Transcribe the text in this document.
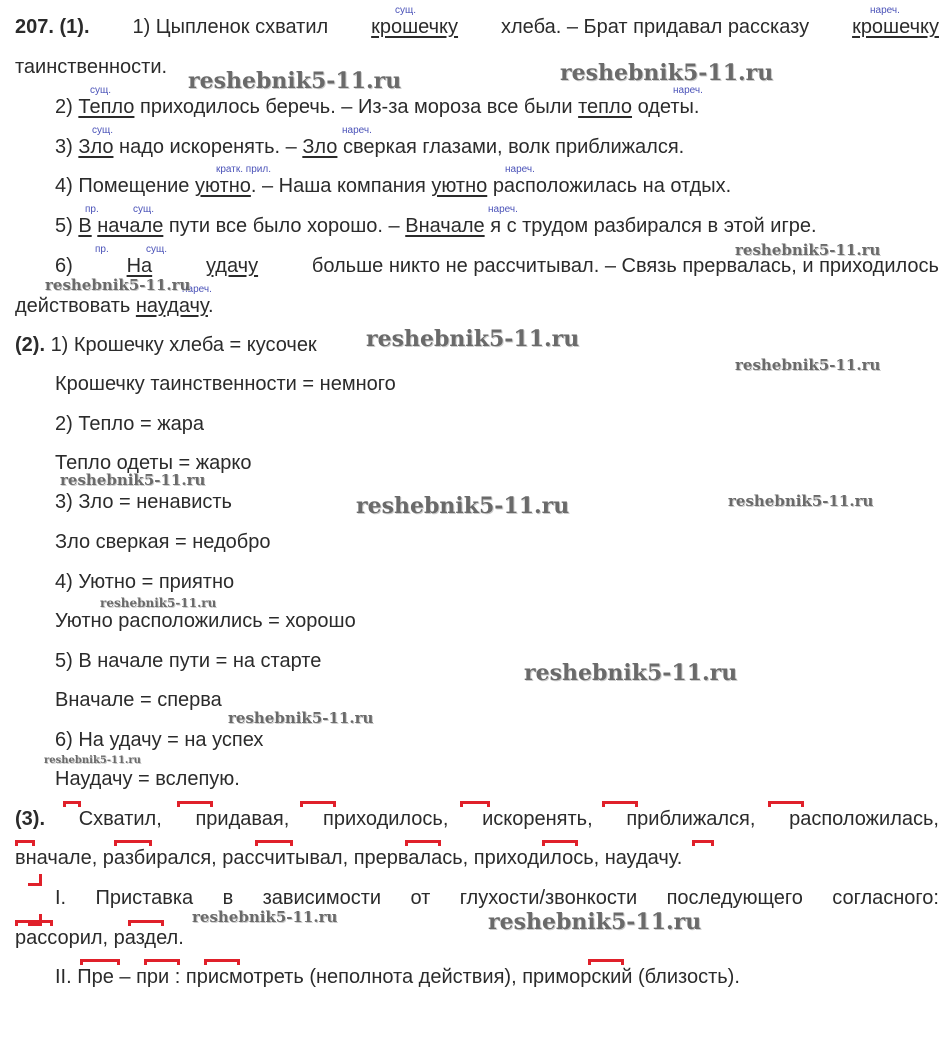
207. (1). 1) Цыпленок схватил крошечку хлеба. – Брат придавал рассказу крошечку
сущ.	нареч.
таинственности.
2) Тепло приходилось беречь. – Из-за мороза все были тепло одеты.
сущ.	нареч.
3) Зло надо искоренять. – Зло сверкая глазами, волк приближался.
сущ.	нареч.
4) Помещение уютно. – Наша компания уютно расположилась на отдых.
кратк. прил.	нареч.
5) В начале пути все было хорошо. – Вначале я с трудом разбирался в этой игре.
пр.	сущ.	нареч.
6)	На	удачу	больше никто не рассчитывал. – Связь прервалась, и приходилось
пр.	сущ.
действовать наудачу.
нареч.
(2). 1) Крошечку хлеба = кусочек
Крошечку таинственности = немного
2) Тепло = жара
Тепло одеты = жарко
3) Зло = ненависть
Зло сверкая = недобро
4) Уютно = приятно
Уютно расположились = хорошо
5) В начале пути = на старте
Вначале = сперва
6) На удачу = на успех
Наудачу = вслепую.
(3). Схватил, придавая, приходилось, искоренять, приближался, расположилась,
вначале, разбирался, рассчитывал, прервалась, приходилось, наудачу.
I. Приставка в зависимости от глухости/звонкости последующего согласного:
рассорил, раздел.
II. Пре – при : присмотреть (неполнота действия), приморский (близость).
reshebnik5-11.ru	reshebnik5-11.ru
reshebnik5-11.ru
reshebnik5-11.ru
reshebnik5-11.ru
reshebnik5-11.ru
reshebnik5-11.ru
reshebnik5-11.ru	reshebnik5-11.ru
reshebnik5-11.ru
reshebnik5-11.ru
reshebnik5-11.ru
reshebnik5-11.ru
reshebnik5-11.ru	reshebnik5-11.ru
